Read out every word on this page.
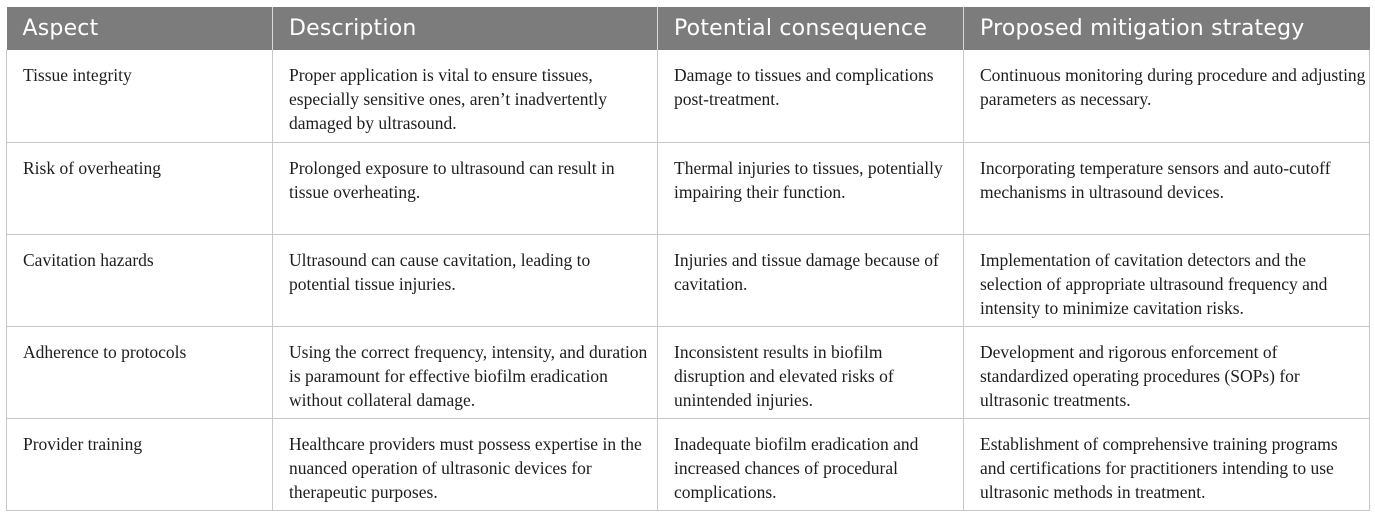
Aspect	Description	Potential consequence	Proposed mitigation strategy
Tissue integrity	Proper application is vital to ensure tissues, especially sensitive ones, aren’t inadvertently damaged by ultrasound.	Damage to tissues and complications post-treatment.	Continuous monitoring during procedure and adjusting parameters as necessary.
Risk of overheating	Prolonged exposure to ultrasound can result in tissue overheating.	Thermal injuries to tissues, potentially impairing their function.	Incorporating temperature sensors and auto-cutoff mechanisms in ultrasound devices.
Cavitation hazards	Ultrasound can cause cavitation, leading to potential tissue injuries.	Injuries and tissue damage because of cavitation.	Implementation of cavitation detectors and the selection of appropriate ultrasound frequency and intensity to minimize cavitation risks.
Adherence to protocols	Using the correct frequency, intensity, and duration is paramount for effective biofilm eradication without collateral damage.	Inconsistent results in biofilm disruption and elevated risks of unintended injuries.	Development and rigorous enforcement of standardized operating procedures (SOPs) for ultrasonic treatments.
Provider training	Healthcare providers must possess expertise in the nuanced operation of ultrasonic devices for therapeutic purposes.	Inadequate biofilm eradication and increased chances of procedural complications.	Establishment of comprehensive training programs and certifications for practitioners intending to use ultrasonic methods in treatment.
